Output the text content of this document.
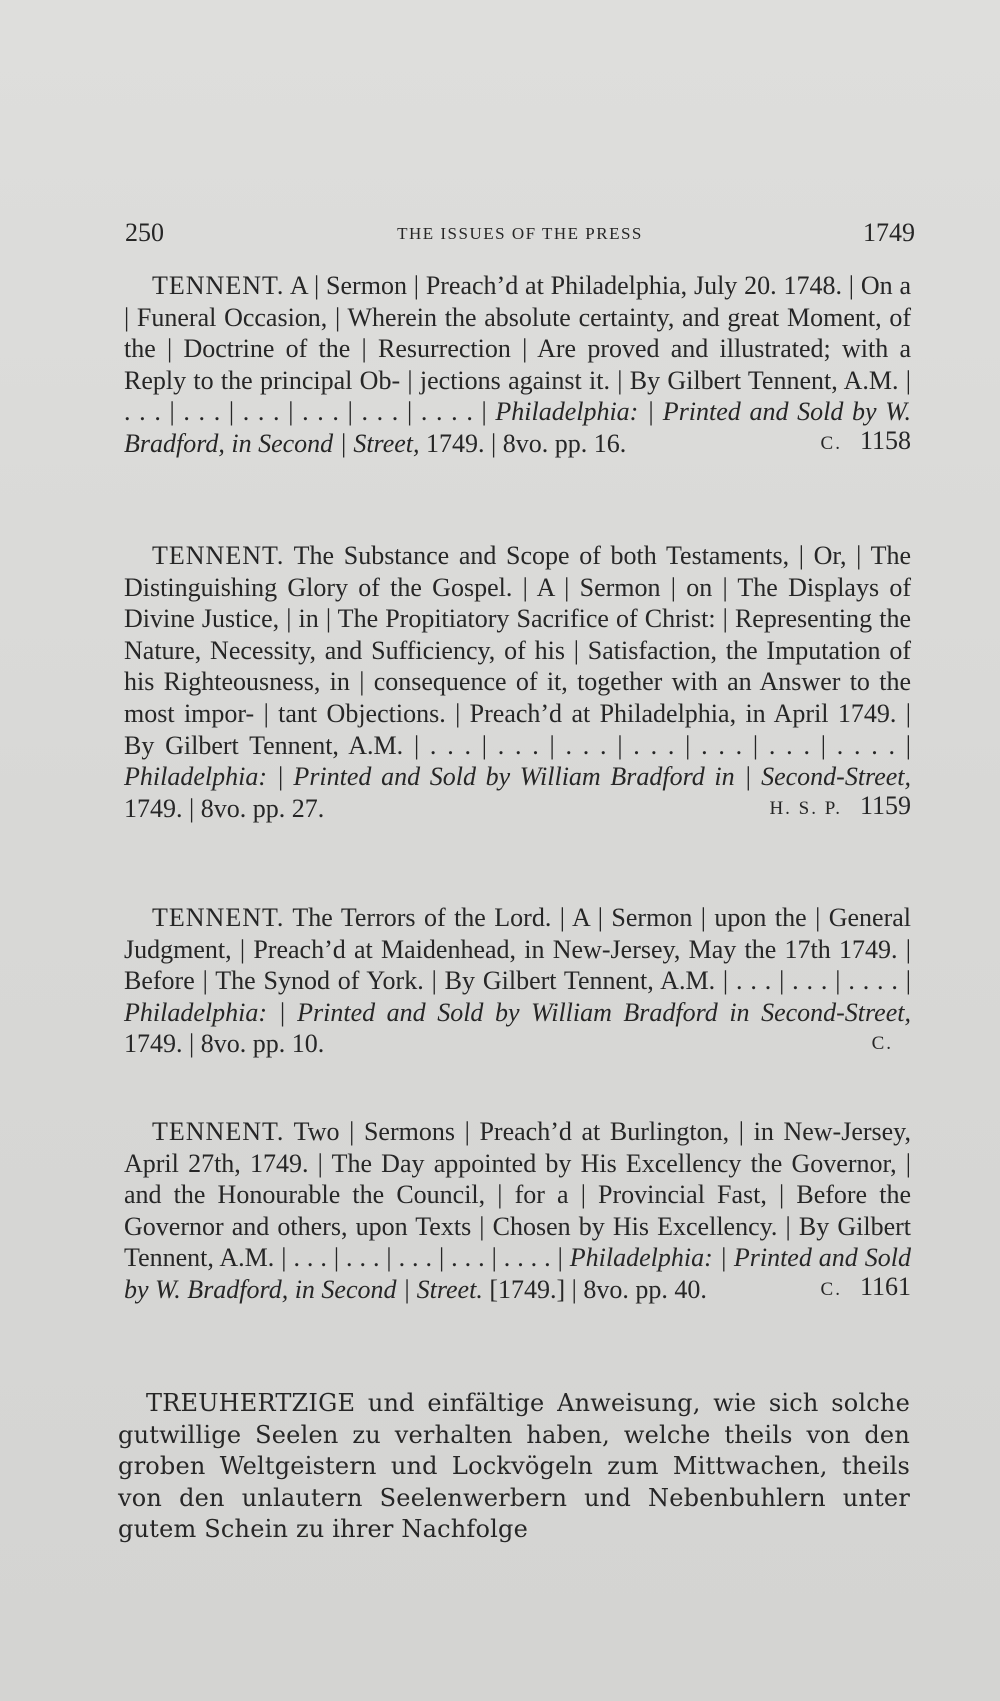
250	THE ISSUES OF THE PRESS	1749
TENNENT. A | Sermon | Preach’d at Philadelphia, July 20. 1748. | On a | Funeral Occasion, | Wherein the absolute certainty, and great Moment, of the | Doctrine of the | Resurrection | Are proved and illustrated; with a Reply to the principal Ob- | jections against it. | By Gilbert Tennent, A.M. | . . . | . . . | . . . | . . . | . . . | . . . . | Philadelphia: | Printed and Sold by W. Bradford, in Second | Street, 1749. | 8vo. pp. 16.	C. 1158
TENNENT. The Substance and Scope of both Testaments, | Or, | The Distinguishing Glory of the Gospel. | A | Sermon | on | The Displays of Divine Justice, | in | The Propitiatory Sacrifice of Christ: | Representing the Nature, Necessity, and Sufficiency, of his | Satisfaction, the Imputation of his Righteousness, in | consequence of it, together with an Answer to the most impor- | tant Objections. | Preach’d at Philadelphia, in April 1749. | By Gilbert Tennent, A.M. | . . . | . . . | . . . | . . . | . . . | . . . | . . . . | Philadelphia: | Printed and Sold by William Bradford in | Second-Street, 1749. | 8vo. pp. 27.	H. S. P. 1159
TENNENT. The Terrors of the Lord. | A | Sermon | upon the | General Judgment, | Preach’d at Maidenhead, in New-Jersey, May the 17th 1749. | Before | The Synod of York. | By Gilbert Tennent, A.M. | . . . | . . . | . . . . | Philadelphia: | Printed and Sold by William Bradford in Second-Street, 1749. | 8vo. pp. 10.	C.
TENNENT. Two | Sermons | Preach’d at Burlington, | in New-Jersey, April 27th, 1749. | The Day appointed by His Excellency the Governor, | and the Honourable the Council, | for a | Provincial Fast, | Before the Governor and others, upon Texts | Chosen by His Excellency. | By Gilbert Tennent, A.M. | . . . | . . . | . . . | . . . | . . . . | Philadelphia: | Printed and Sold by W. Bradford, in Second | Street. [1749.] | 8vo. pp. 40.	C. 1161
TREUHERTZIGE und einfältige Anweisung, wie sich solche gutwillige Seelen zu verhalten haben, welche theils von den groben Weltgeistern und Lockvögeln zum Mittwachen, theils von den unlautern Seelenwerbern und Nebenbuhlern unter gutem Schein zu ihrer Nachfolge
